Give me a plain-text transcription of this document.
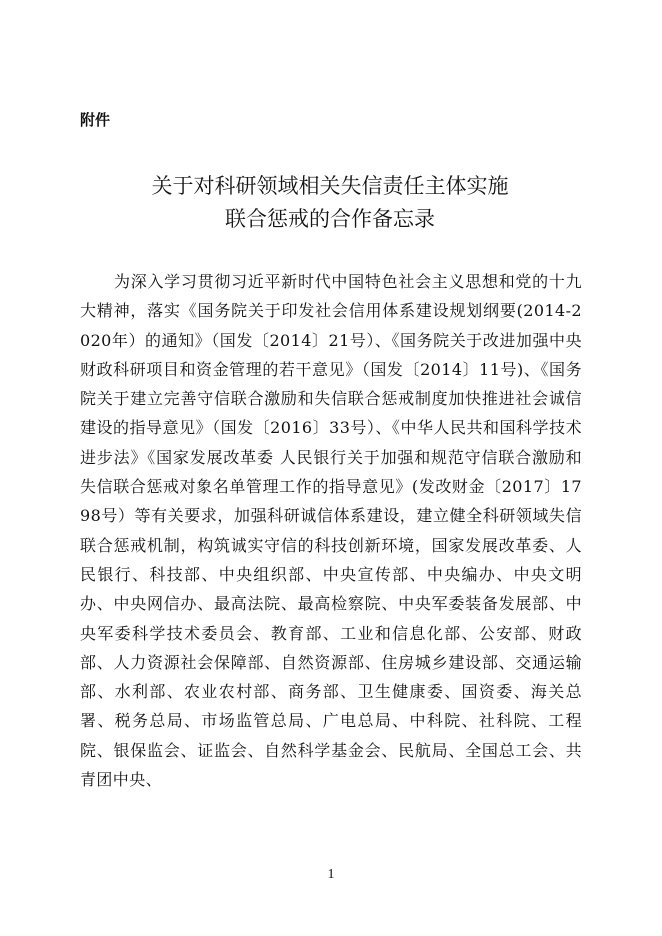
附件
关于对科研领域相关失信责任主体实施
联合惩戒的合作备忘录

为深入学习贯彻习近平新时代中国特色社会主义思想和党的十九大精神，落实《国务院关于印发社会信用体系建设规划纲要(2014-2020年）的通知》（国发〔2014〕21号）、《国务院关于改进加强中央财政科研项目和资金管理的若干意见》（国发〔2014〕11号)、《国务院关于建立完善守信联合激励和失信联合惩戒制度加快推进社会诚信建设的指导意见》（国发〔2016〕33号）、《中华人民共和国科学技术进步法》《国家发展改革委 人民银行关于加强和规范守信联合激励和失信联合惩戒对象名单管理工作的指导意见》(发改财金〔2017〕1798号）等有关要求，加强科研诚信体系建设，建立健全科研领域失信联合惩戒机制，构筑诚实守信的科技创新环境，国家发展改革委、人民银行、科技部、中央组织部、中央宣传部、中央编办、中央文明办、中央网信办、最高法院、最高检察院、中央军委装备发展部、中央军委科学技术委员会、教育部、工业和信息化部、公安部、财政部、人力资源社会保障部、自然资源部、住房城乡建设部、交通运输部、水利部、农业农村部、商务部、卫生健康委、国资委、海关总署、税务总局、市场监管总局、广电总局、中科院、社科院、工程院、银保监会、证监会、自然科学基金会、民航局、全国总工会、共青团中央、

1
